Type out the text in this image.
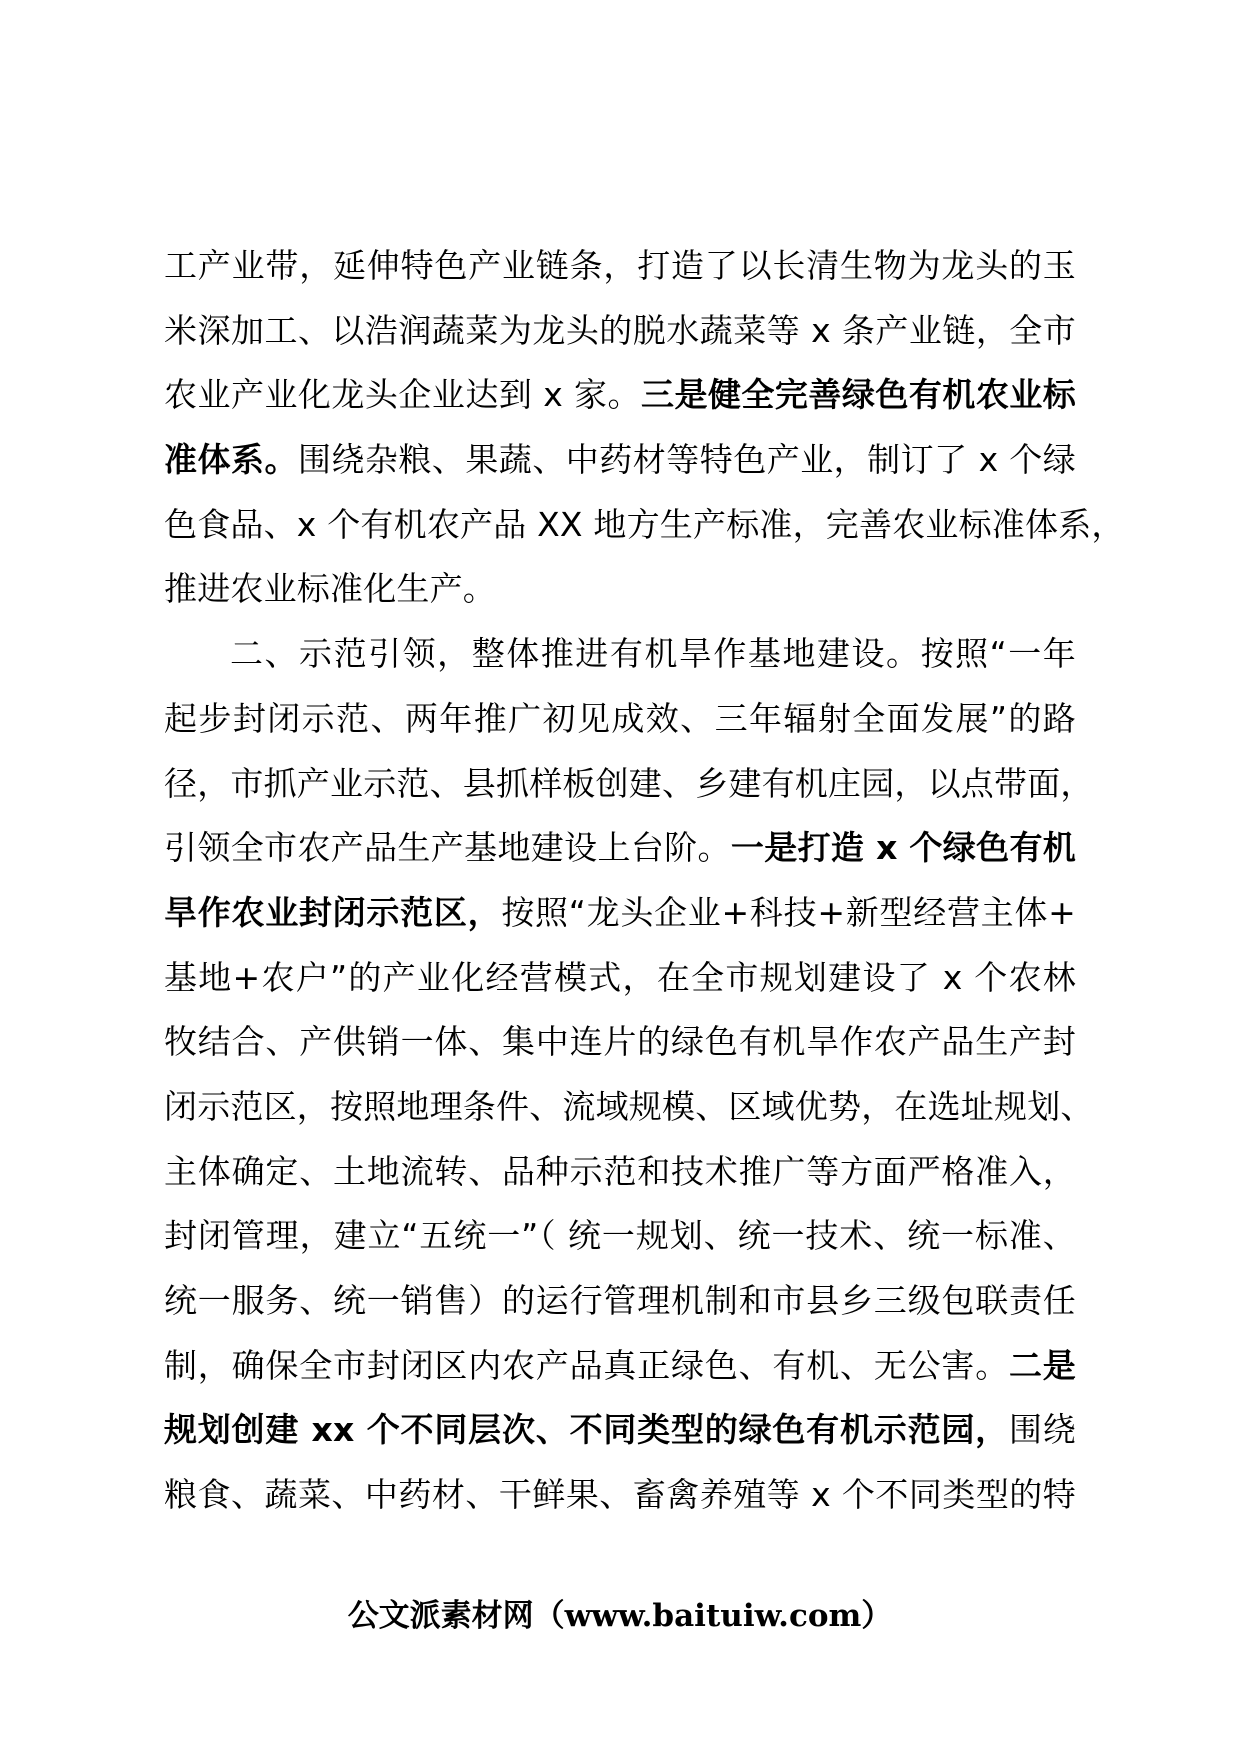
工产业带，延伸特色产业链条，打造了以长清生物为龙头的玉
米深加工、以浩润蔬菜为龙头的脱水蔬菜等 x 条产业链，全市
农业产业化龙头企业达到 x 家。三是健全完善绿色有机农业标
准体系。围绕杂粮、果蔬、中药材等特色产业，制订了 x 个绿
色食品、x 个有机农产品 XX 地方生产标准，完善农业标准体系，
推进农业标准化生产。
二、示范引领，整体推进有机旱作基地建设。按照“一年
起步封闭示范、两年推广初见成效、三年辐射全面发展”的路
径，市抓产业示范、县抓样板创建、乡建有机庄园，以点带面，
引领全市农产品生产基地建设上台阶。一是打造 x 个绿色有机
旱作农业封闭示范区，按照“龙头企业+科技+新型经营主体+
基地+农户”的产业化经营模式，在全市规划建设了 x 个农林
牧结合、产供销一体、集中连片的绿色有机旱作农产品生产封
闭示范区，按照地理条件、流域规模、区域优势，在选址规划、
主体确定、土地流转、品种示范和技术推广等方面严格准入，
封闭管理，建立“五统一”（ 统一规划、统一技术、统一标准、
统一服务、统一销售）的运行管理机制和市县乡三级包联责任
制，确保全市封闭区内农产品真正绿色、有机、无公害。二是
规划创建 xx 个不同层次、不同类型的绿色有机示范园，围绕
粮食、蔬菜、中药材、干鲜果、畜禽养殖等 x 个不同类型的特
公文派素材网（www.baituiw.com）
